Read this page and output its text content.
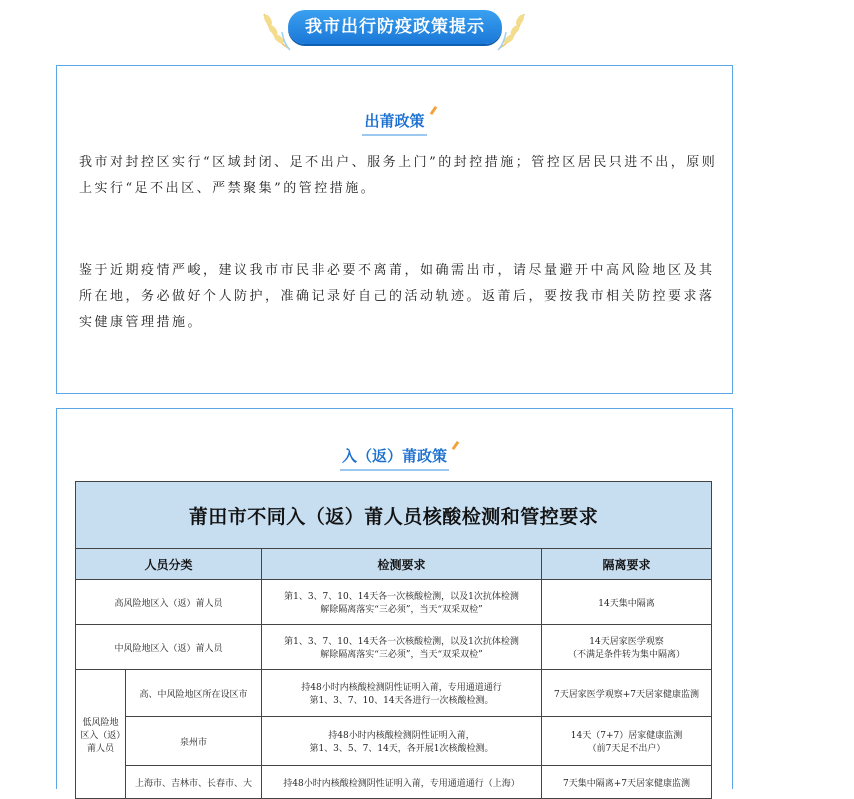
我市出行防疫政策提示
出莆政策
我市对封控区实行“区域封闭、足不出户、服务上门”的封控措施；管控区居民只进不出，原则上实行“足不出区、严禁聚集”的管控措施。
鉴于近期疫情严峻，建议我市市民非必要不离莆，如确需出市，请尽量避开中高风险地区及其所在地，务必做好个人防护，准确记录好自己的活动轨迹。返莆后，要按我市相关防控要求落实健康管理措施。
入（返）莆政策
莆田市不同入（返）莆人员核酸检测和管控要求			
人员分类		检测要求	隔离要求
高风险地区入（返）莆人员		第1、3、7、10、14天各一次核酸检测，以及1次抗体检测
解除隔离落实“三必须”，当天“双采双检”	14天集中隔离

中风险地区入（返）莆人员		第1、3、7、10、14天各一次核酸检测，以及1次抗体检测
解除隔离落实“三必须”，当天“双采双检”	14天居家医学观察
（不满足条件转为集中隔离）

低风险地区入（返）莆人员	高、中风险地区所在设区市	持48小时内核酸检测阴性证明入莆，专用通道通行
第1、3、7、10、14天各进行一次核酸检测。	7天居家医学观察+7天居家健康监测

	泉州市	持48小时内核酸检测阴性证明入莆，
第1、3、5、7、14天，各开展1次核酸检测。	14天（7+7）居家健康监测
（前7天足不出户）

	上海市、吉林市、长春市、大	持48小时内核酸检测阴性证明入莆，专用通道通行（上海）	7天集中隔离+7天居家健康监测
